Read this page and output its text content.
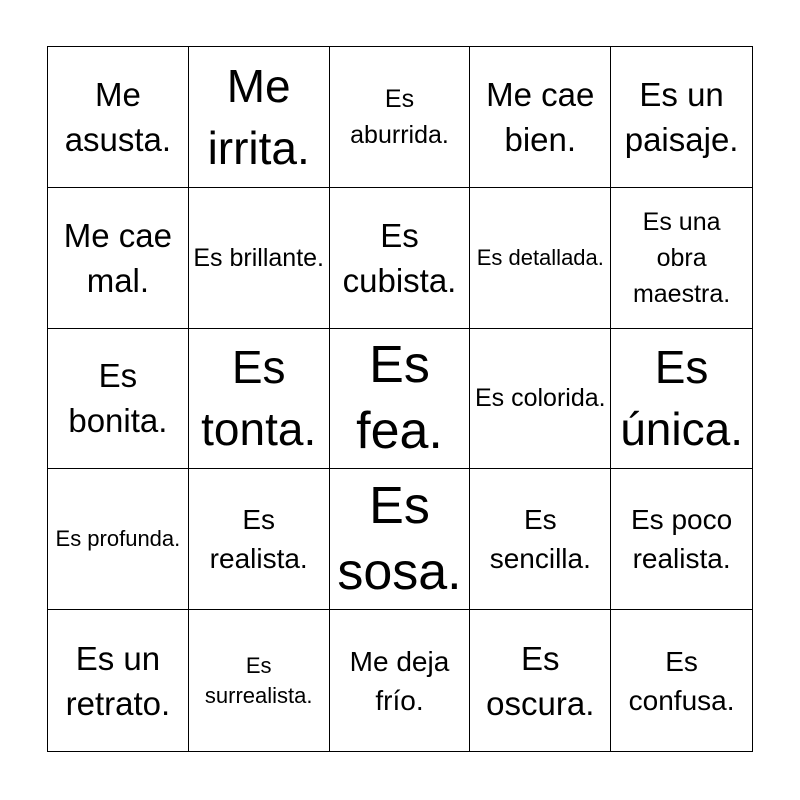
Me asusta.
Me irrita.
Es aburrida.
Me cae bien.
Es un paisaje.
Me cae mal.
Es brillante.
Es cubista.
Es detallada.
Es una obra maestra.
Es bonita.
Es tonta.
Es fea.
Es colorida.
Es única.
Es profunda.
Es realista.
Es sosa.
Es sencilla.
Es poco realista.
Es un retrato.
Es surrealista.
Me deja frío.
Es oscura.
Es confusa.
